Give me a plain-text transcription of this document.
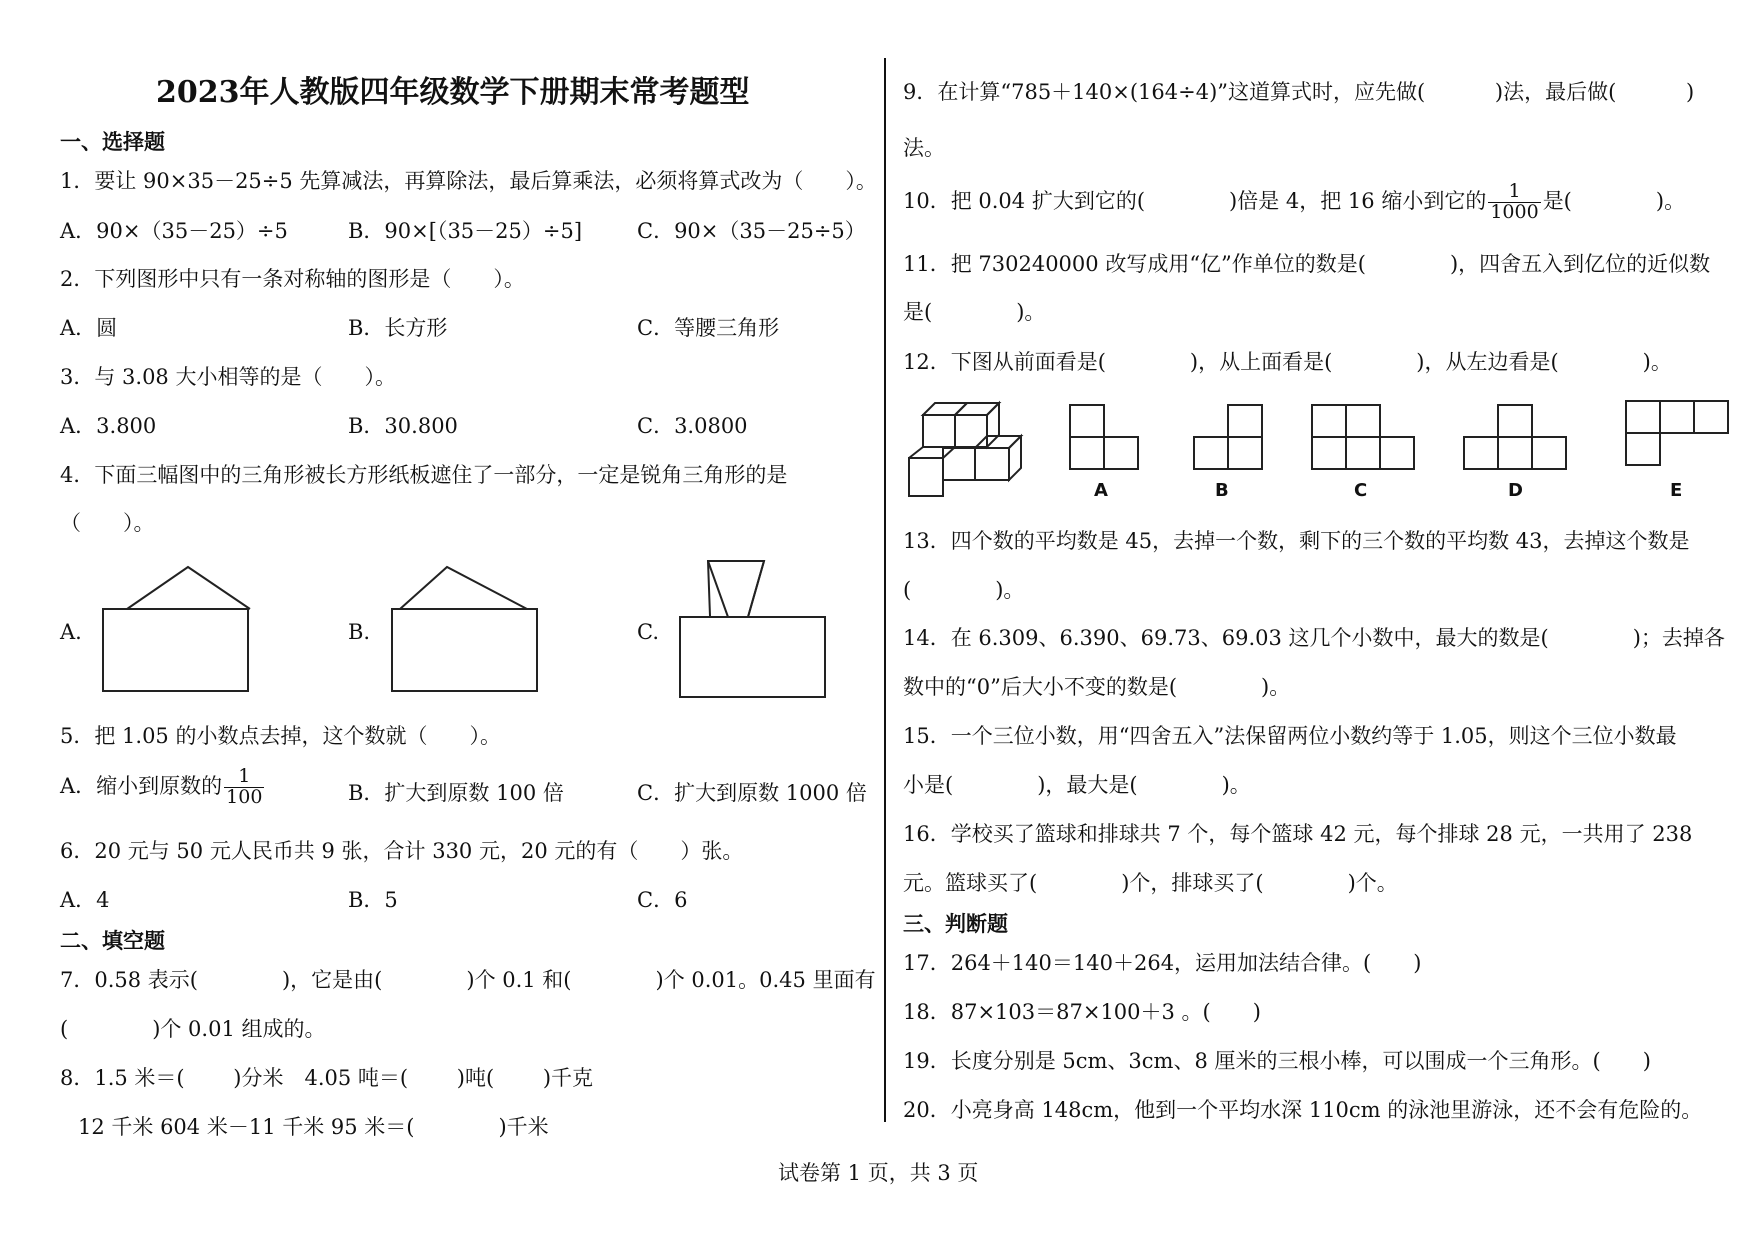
2023年人教版四年级数学下册期末常考题型
一、选择题
1．要让 90×35－25÷5 先算减法，再算除法，最后算乘法，必须将算式改为（　　）。
A．90×（35－25）÷5	B．90×[（35－25）÷5]	C．90×（35－25÷5）
2．下列图形中只有一条对称轴的图形是（　　）。
A．圆	B．长方形	C．等腰三角形
3．与 3.08 大小相等的是（　　）。
A．3.800	B．30.800	C．3.0800
4．下面三幅图中的三角形被长方形纸板遮住了一部分，一定是锐角三角形的是
（　　）。
A.	B.	C.
5．把 1.05 的小数点去掉，这个数就（　　）。
A．缩小到原数的 $\frac{1}{100}$	B．扩大到原数 100 倍	C．扩大到原数 1000 倍
6．20 元与 50 元人民币共 9 张，合计 330 元，20 元的有（　　）张。
A．4	B．5	C．6
二、填空题
7．0.58 表示(　　　　)，它是由(　　　　)个 0.1 和(　　　　)个 0.01。0.45 里面有
(　　　　)个 0.01 组成的。
8．1.5 米＝(　　 )分米　4.05 吨＝(　　 )吨(　　 )千克
12 千米 604 米－11 千米 95 米＝(　　　　)千米
9．在计算“785＋140×(164÷4)”这道算式时，应先做(　　　 )法，最后做(　　　 )
法。
10．把 0.04 扩大到它的(　　　　)倍是 4，把 16 缩小到它的 $\frac{1}{1000}$ 是(　　　　)。
11．把 730240000 改写成用“亿”作单位的数是(　　　　)，四舍五入到亿位的近似数
是(　　　　)。
12．下图从前面看是(　　　　)，从上面看是(　　　　)，从左边看是(　　　　)。
A	B	C	D	E
13．四个数的平均数是 45，去掉一个数，剩下的三个数的平均数 43，去掉这个数是
(　　　　)。
14．在 6.309、6.390、69.73、69.03 这几个小数中，最大的数是(　　　　)；去掉各
数中的“0”后大小不变的数是(　　　　)。
15．一个三位小数，用“四舍五入”法保留两位小数约等于 1.05，则这个三位小数最
小是(　　　　)，最大是(　　　　)。
16．学校买了篮球和排球共 7 个，每个篮球 42 元，每个排球 28 元，一共用了 238
元。篮球买了(　　　　)个，排球买了(　　　　)个。
三、判断题
17．264＋140＝140＋264，运用加法结合律。(　　)
18．87×103＝87×100＋3 。(　　)
19．长度分别是 5cm、3cm、8 厘米的三根小棒，可以围成一个三角形。(　　)
20．小亮身高 148cm，他到一个平均水深 110cm 的泳池里游泳，还不会有危险的。
试卷第 1 页，共 3 页
